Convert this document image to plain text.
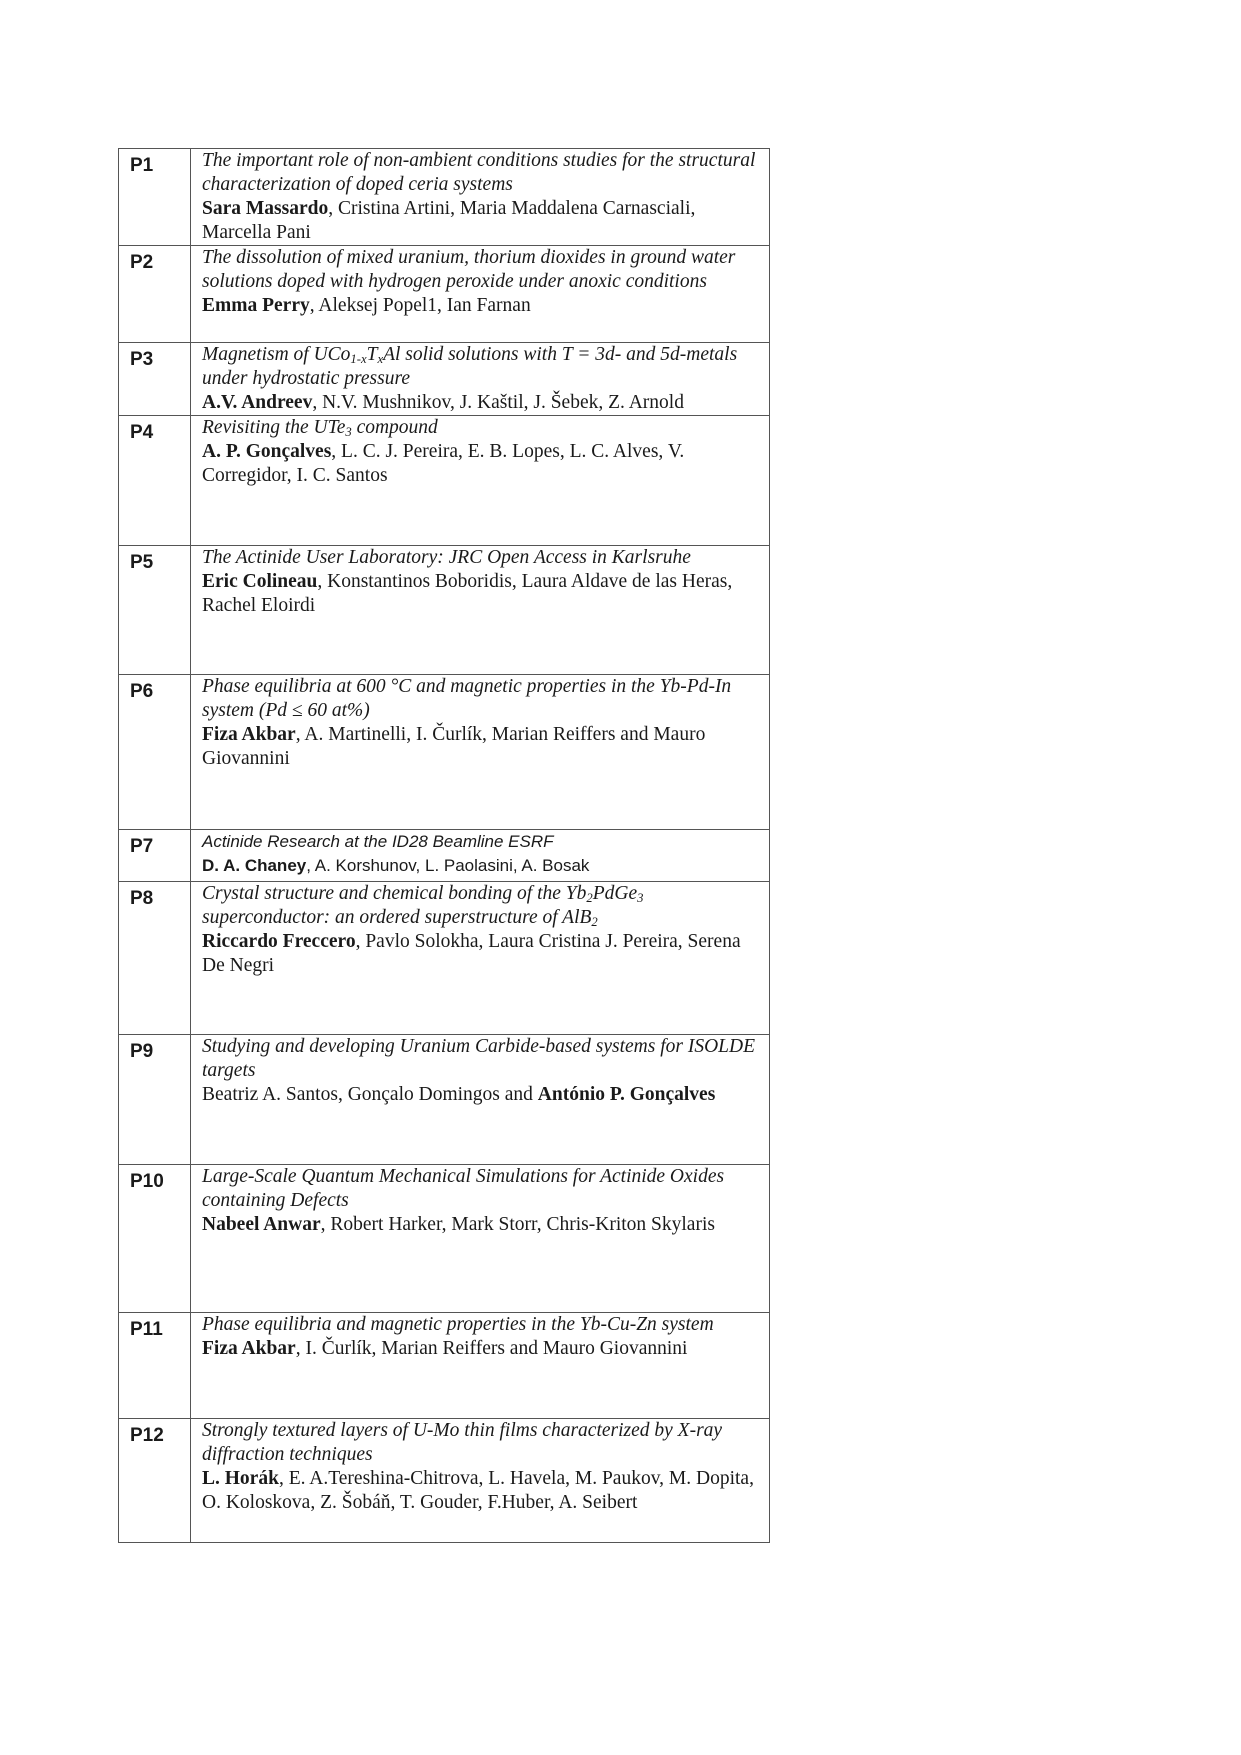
P1	The important role of non-ambient conditions studies for the structural characterization of doped ceria systems
Sara Massardo, Cristina Artini, Maria Maddalena Carnasciali, Marcella Pani

P2	The dissolution of mixed uranium, thorium dioxides in ground water solutions doped with hydrogen peroxide under anoxic conditions
Emma Perry, Aleksej Popel1, Ian Farnan

P3	Magnetism of $UCo_{1-x}T_xAl$ solid solutions with T = 3d- and 5d-metals under hydrostatic pressure
A.V. Andreev, N.V. Mushnikov, J. Kaštil, J. Šebek, Z. Arnold

P4	Revisiting the UTe$_3$ compound
A. P. Gonçalves, L. C. J. Pereira, E. B. Lopes, L. C. Alves, V. Corregidor, I. C. Santos

P5	The Actinide User Laboratory: JRC Open Access in Karlsruhe
Eric Colineau, Konstantinos Boboridis, Laura Aldave de las Heras, Rachel Eloirdi

P6	Phase equilibria at 600 °C and magnetic properties in the Yb-Pd-In system (Pd ≤ 60 at%)
Fiza Akbar, A. Martinelli, I. Čurlík, Marian Reiffers and Mauro Giovannini

P7	Actinide Research at the ID28 Beamline ESRF
D. A. Chaney, A. Korshunov, L. Paolasini, A. Bosak

P8	Crystal structure and chemical bonding of the $Yb_2PdGe_3$ superconductor: an ordered superstructure of AlB$_2$
Riccardo Freccero, Pavlo Solokha, Laura Cristina J. Pereira, Serena De Negri

P9	Studying and developing Uranium Carbide-based systems for ISOLDE targets
Beatriz A. Santos, Gonçalo Domingos and António P. Gonçalves

P10	Large-Scale Quantum Mechanical Simulations for Actinide Oxides containing Defects
Nabeel Anwar, Robert Harker, Mark Storr, Chris-Kriton Skylaris

P11	Phase equilibria and magnetic properties in the Yb-Cu-Zn system
Fiza Akbar, I. Čurlík, Marian Reiffers and Mauro Giovannini

P12	Strongly textured layers of U-Mo thin films characterized by X-ray diffraction techniques
L. Horák, E. A.Tereshina-Chitrova, L. Havela, M. Paukov, M. Dopita, O. Koloskova, Z. Šobáň, T. Gouder, F.Huber, A. Seibert
